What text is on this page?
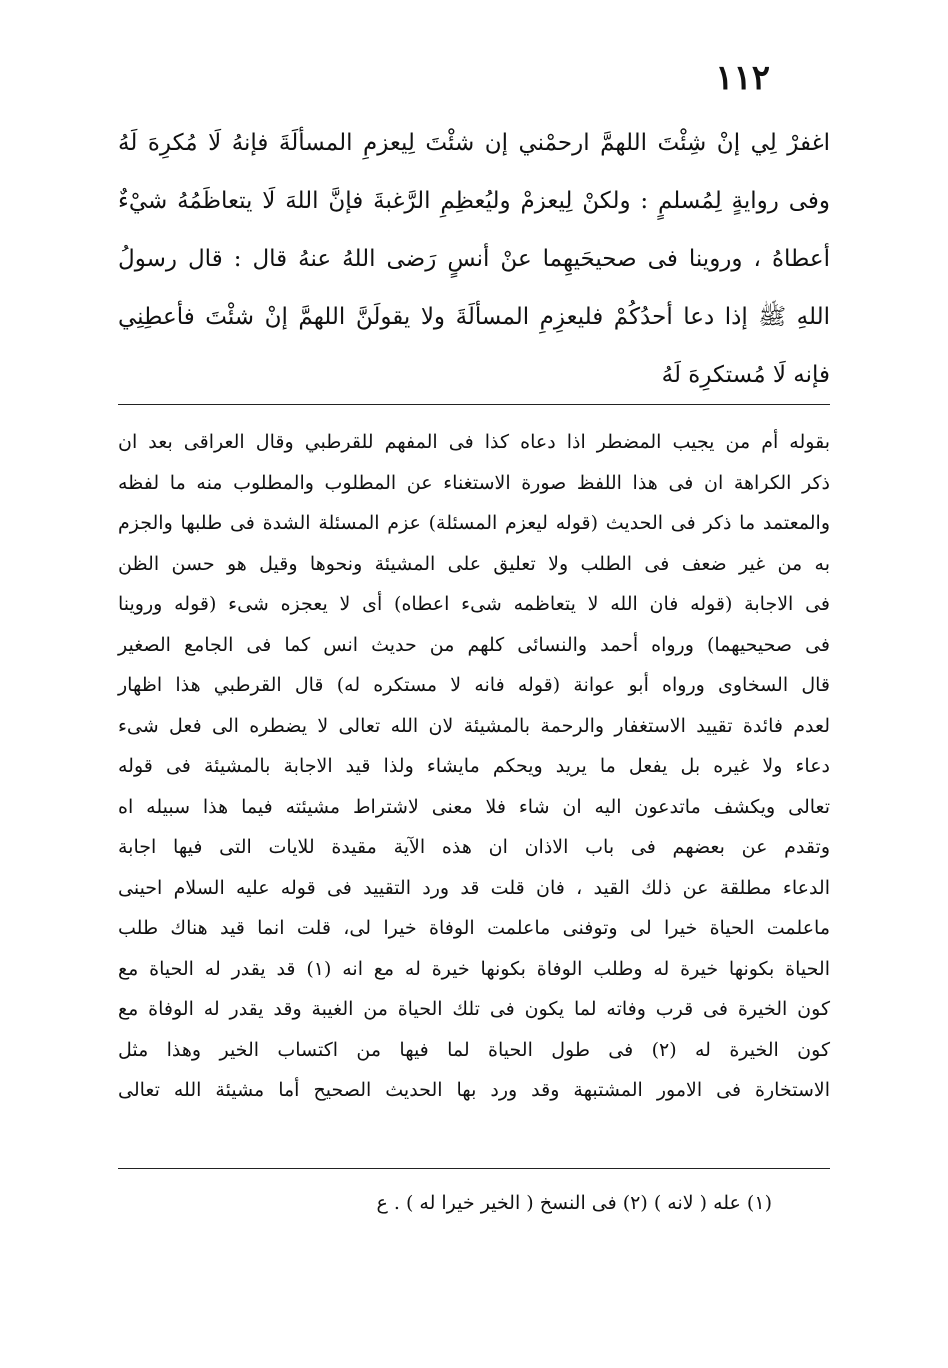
١١٢
اغفرْ لِي إنْ شِئْتَ اللهمَّ ارحمْني إن شئْتَ لِيعزمِ المسألَةَ فإنهُ لَا مُكرِهَ لَهُ
وفى روايةٍ لِمُسلمٍ : ولكنْ لِيعزمْ وليُعظِمِ الرَّغبةَ فإنَّ اللهَ لَا يتعاظَمُهُ شيْءٌ
أعطاهُ ، وروينا فى صحيحَيهِما عنْ أنسٍ رَضى اللهُ عنهُ قال : قال رسولُ
اللهِ ﷺ إذا دعا أحدُكُمْ فليعزِمِ المسألَةَ ولا يقولَنَّ اللهمَّ إنْ شئْتَ فأعطِنِي
فإنه لَا مُستكرِهَ لَهُ
بقوله أم من يجيب المضطر اذا دعاه كذا فى المفهم للقرطبي وقال العراقى بعد ان
ذكر الكراهة ان فى هذا اللفظ صورة الاستغناء عن المطلوب والمطلوب منه ما لفظه
والمعتمد ما ذكر فى الحديث (قوله ليعزم المسئلة) عزم المسئلة الشدة فى طلبها والجزم
به من غير ضعف فى الطلب ولا تعليق على المشيئة ونحوها وقيل هو حسن الظن
فى الاجابة (قوله فان الله لا يتعاظمه شىء اعطاه) أى لا يعجزه شىء (قوله وروينا
فى صحيحيهما) ورواه أحمد والنسائى كلهم من حديث انس كما فى الجامع الصغير
قال السخاوى ورواه أبو عوانة (قوله فانه لا مستكره له) قال القرطبي هذا اظهار
لعدم فائدة تقييد الاستغفار والرحمة بالمشيئة لان الله تعالى لا يضطره الى فعل شىء
دعاء ولا غيره بل يفعل ما يريد ويحكم مايشاء ولذا قيد الاجابة بالمشيئة فى قوله
تعالى ويكشف ماتدعون اليه ان شاء فلا معنى لاشتراط مشيئته فيما هذا سبيله اه
وتقدم عن بعضهم فى باب الاذان ان هذه الآية مقيدة للايات التى فيها اجابة
الدعاء مطلقة عن ذلك القيد ، فان قلت قد ورد التقييد فى قوله عليه السلام احينى
ماعلمت الحياة خيرا لى وتوفنى ماعلمت الوفاة خيرا لى، قلت انما قيد هناك طلب
الحياة بكونها خيرة له وطلب الوفاة بكونها خيرة له مع انه (١) قد يقدر له الحياة مع
كون الخيرة فى قرب وفاته لما يكون فى تلك الحياة من الغيبة وقد يقدر له الوفاة مع
كون الخيرة له (٢) فى طول الحياة لما فيها من اكتساب الخير وهذا مثل
الاستخارة فى الامور المشتبهة وقد ورد بها الحديث الصحيح أما مشيئة الله تعالى
(١) عله ( لانه ) (٢) فى النسخ ( الخير خيرا له ) . ع
